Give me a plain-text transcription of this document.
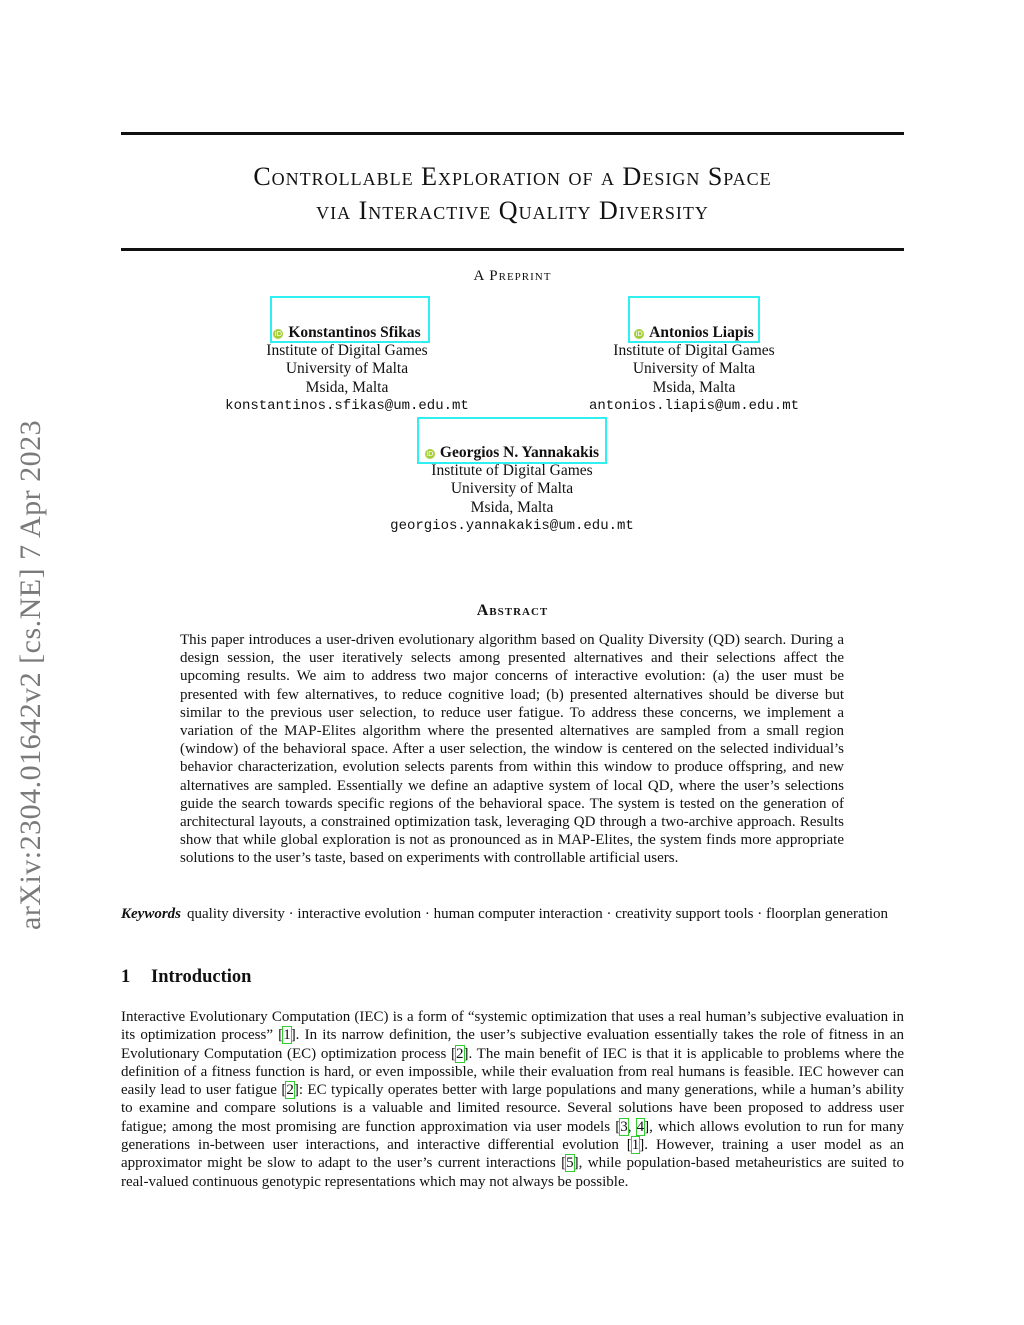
arXiv:2304.01642v2 [cs.NE] 7 Apr 2023
Controllable Exploration of a Design Space
via Interactive Quality Diversity
A Preprint
iD Konstantinos Sfikas
Institute of Digital Games
University of Malta
Msida, Malta
konstantinos.sfikas@um.edu.mt
iD Antonios Liapis
Institute of Digital Games
University of Malta
Msida, Malta
antonios.liapis@um.edu.mt
iD Georgios N. Yannakakis
Institute of Digital Games
University of Malta
Msida, Malta
georgios.yannakakis@um.edu.mt
Abstract
This paper introduces a user-driven evolutionary algorithm based on Quality Diversity (QD) search. During a design session, the user iteratively selects among presented alternatives and their selections affect the upcoming results. We aim to address two major concerns of interactive evolution: (a) the user must be presented with few alternatives, to reduce cognitive load; (b) presented alternatives should be diverse but similar to the previous user selection, to reduce user fatigue. To address these concerns, we implement a variation of the MAP-Elites algorithm where the presented alternatives are sampled from a small region (window) of the behavioral space. After a user selection, the window is centered on the selected individual’s behavior characterization, evolution selects parents from within this window to produce offspring, and new alternatives are sampled. Essentially we define an adaptive system of local QD, where the user’s selections guide the search towards specific regions of the behavioral space. The system is tested on the generation of architectural layouts, a constrained optimization task, leveraging QD through a two-archive approach. Results show that while global exploration is not as pronounced as in MAP-Elites, the system finds more appropriate solutions to the user’s taste, based on experiments with controllable artificial users.
Keywords quality diversity · interactive evolution · human computer interaction · creativity support tools · floorplan generation
1 Introduction
Interactive Evolutionary Computation (IEC) is a form of “systemic optimization that uses a real human’s subjective evaluation in its optimization process” [1]. In its narrow definition, the user’s subjective evaluation essentially takes the role of fitness in an Evolutionary Computation (EC) optimization process [2]. The main benefit of IEC is that it is applicable to problems where the definition of a fitness function is hard, or even impossible, while their evaluation from real humans is feasible. IEC however can easily lead to user fatigue [2]: EC typically operates better with large populations and many generations, while a human’s ability to examine and compare solutions is a valuable and limited resource. Several solutions have been proposed to address user fatigue; among the most promising are function approximation via user models [3, 4], which allows evolution to run for many generations in-between user interactions, and interactive differential evolution [1]. However, training a user model as an approximator might be slow to adapt to the user’s current interactions [5], while population-based metaheuristics are suited to real-valued continuous genotypic representations which may not always be possible.
